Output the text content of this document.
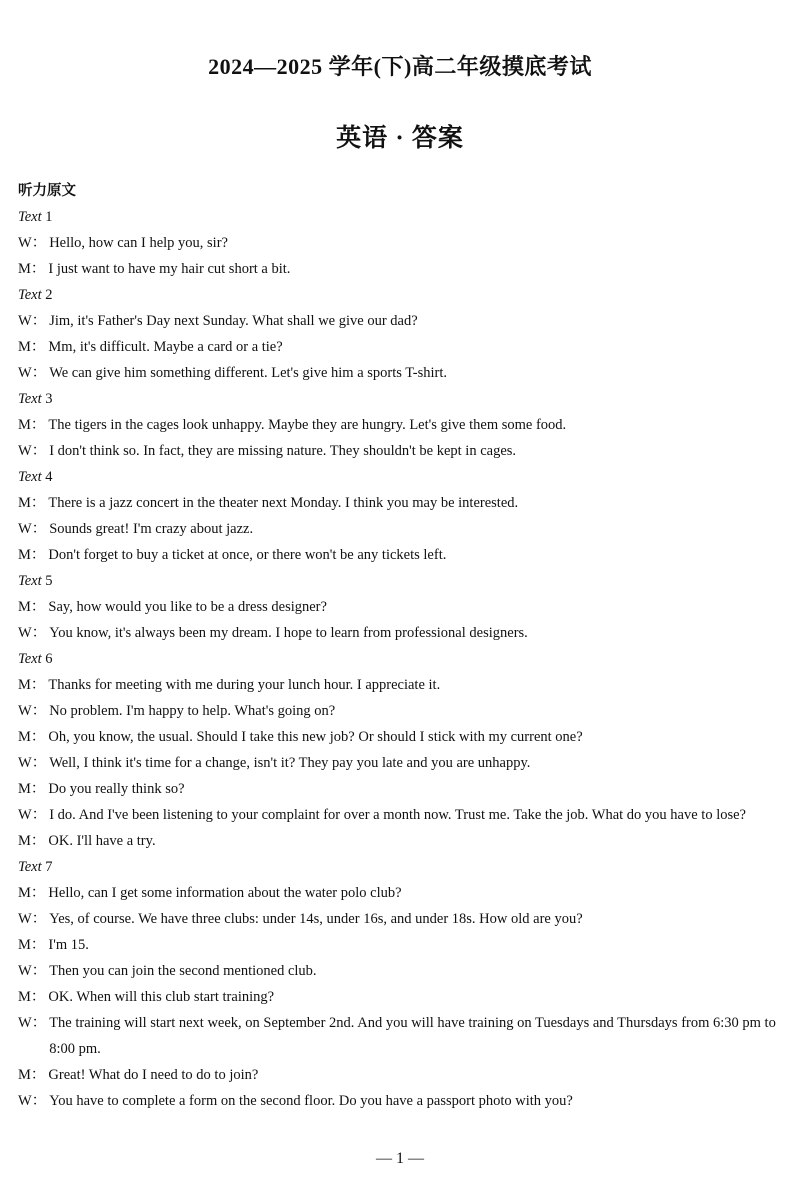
2024—2025 学年(下)高二年级摸底考试
英语 · 答案
听力原文
Text 1
W ： Hello, how can I help you, sir?
M ： I just want to have my hair cut short a bit.
Text 2
W ： Jim, it's Father's Day next Sunday. What shall we give our dad?
M ： Mm, it's difficult. Maybe a card or a tie?
W ： We can give him something different. Let's give him a sports T-shirt.
Text 3
M ： The tigers in the cages look unhappy. Maybe they are hungry. Let's give them some food.
W ： I don't think so. In fact, they are missing nature. They shouldn't be kept in cages.
Text 4
M ： There is a jazz concert in the theater next Monday. I think you may be interested.
W ： Sounds great! I'm crazy about jazz.
M ： Don't forget to buy a ticket at once, or there won't be any tickets left.
Text 5
M ： Say, how would you like to be a dress designer?
W ： You know, it's always been my dream. I hope to learn from professional designers.
Text 6
M ： Thanks for meeting with me during your lunch hour. I appreciate it.
W ： No problem. I'm happy to help. What's going on?
M ： Oh, you know, the usual. Should I take this new job? Or should I stick with my current one?
W ： Well, I think it's time for a change, isn't it? They pay you late and you are unhappy.
M ： Do you really think so?
W ： I do. And I've been listening to your complaint for over a month now. Trust me. Take the job. What do you have to lose?
M ： OK. I'll have a try.
Text 7
M ： Hello, can I get some information about the water polo club?
W ： Yes, of course. We have three clubs: under 14s, under 16s, and under 18s. How old are you?
M ： I'm 15.
W ： Then you can join the second mentioned club.
M ： OK. When will this club start training?
W ： The training will start next week, on September 2nd. And you will have training on Tuesdays and Thursdays from 6:30 pm to 8:00 pm.
M ： Great! What do I need to do to join?
W ： You have to complete a form on the second floor. Do you have a passport photo with you?
— 1 —
